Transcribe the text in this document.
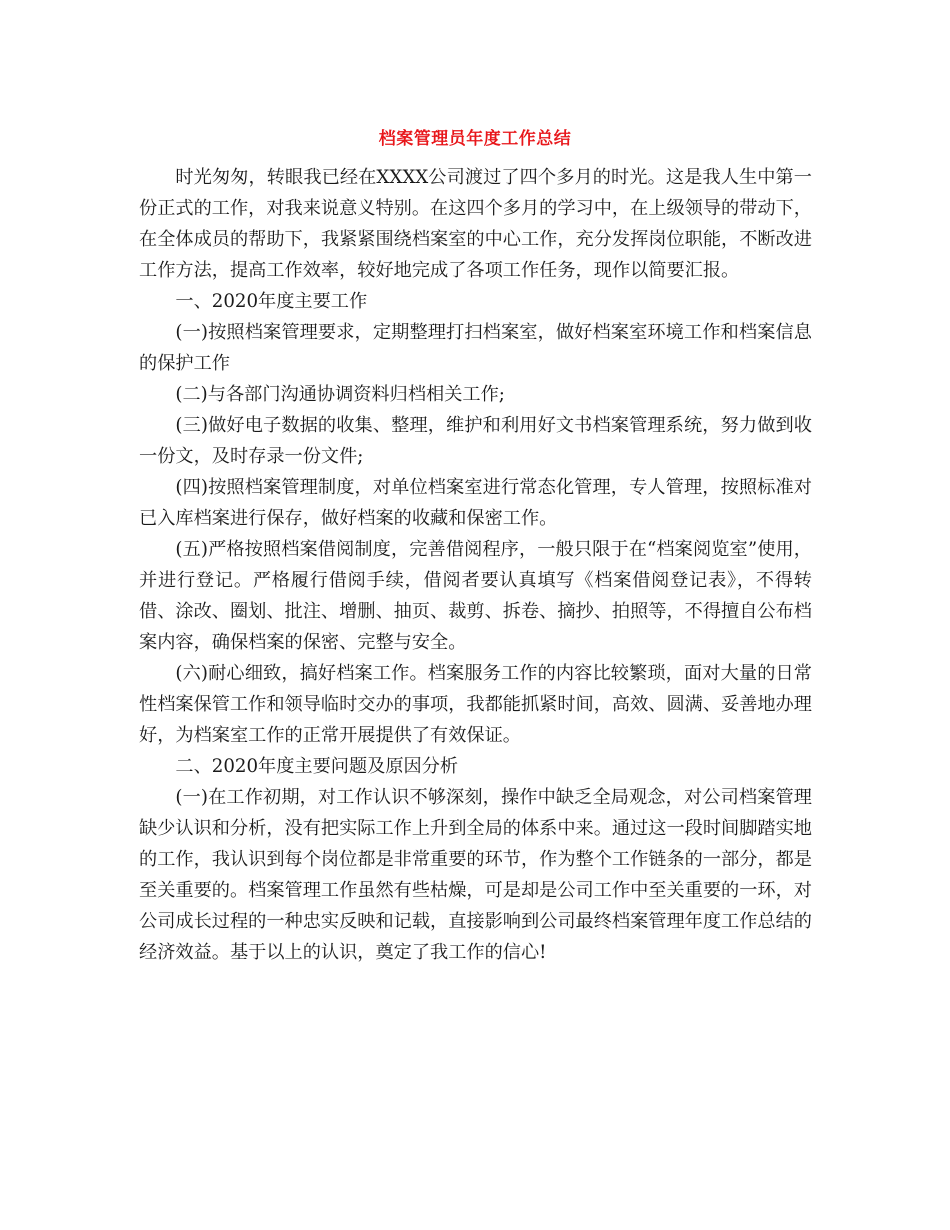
档案管理员年度工作总结

时光匆匆，转眼我已经在XXXX公司渡过了四个多月的时光。这是我人生中第一份正式的工作，对我来说意义特别。在这四个多月的学习中，在上级领导的带动下，在全体成员的帮助下，我紧紧围绕档案室的中心工作，充分发挥岗位职能，不断改进工作方法，提高工作效率，较好地完成了各项工作任务，现作以简要汇报。

一、2020年度主要工作

(一)按照档案管理要求，定期整理打扫档案室，做好档案室环境工作和档案信息的保护工作

(二)与各部门沟通协调资料归档相关工作;

(三)做好电子数据的收集、整理，维护和利用好文书档案管理系统，努力做到收一份文，及时存录一份文件;

(四)按照档案管理制度，对单位档案室进行常态化管理，专人管理，按照标准对已入库档案进行保存，做好档案的收藏和保密工作。

(五)严格按照档案借阅制度，完善借阅程序，一般只限于在“档案阅览室”使用，并进行登记。严格履行借阅手续，借阅者要认真填写《档案借阅登记表》，不得转借、涂改、圈划、批注、增删、抽页、裁剪、拆卷、摘抄、拍照等，不得擅自公布档案内容，确保档案的保密、完整与安全。

(六)耐心细致，搞好档案工作。档案服务工作的内容比较繁琐，面对大量的日常性档案保管工作和领导临时交办的事项，我都能抓紧时间，高效、圆满、妥善地办理好，为档案室工作的正常开展提供了有效保证。

二、2020年度主要问题及原因分析

(一)在工作初期，对工作认识不够深刻，操作中缺乏全局观念，对公司档案管理缺少认识和分析，没有把实际工作上升到全局的体系中来。通过这一段时间脚踏实地的工作，我认识到每个岗位都是非常重要的环节，作为整个工作链条的一部分，都是至关重要的。档案管理工作虽然有些枯燥，可是却是公司工作中至关重要的一环，对公司成长过程的一种忠实反映和记载，直接影响到公司最终档案管理年度工作总结的经济效益。基于以上的认识，奠定了我工作的信心!
